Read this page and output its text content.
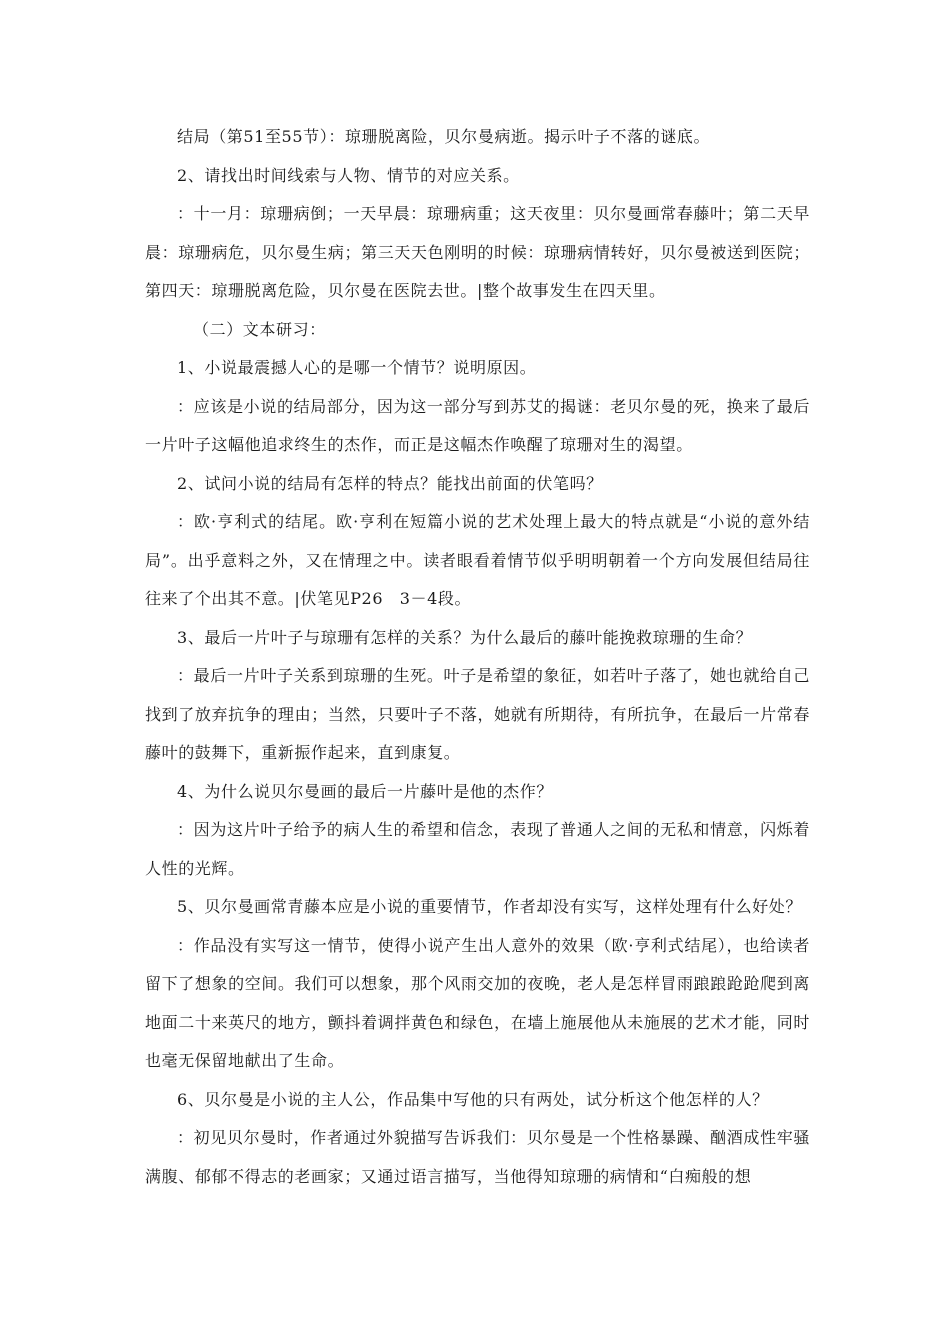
结局（第51至55节）：琼珊脱离险，贝尔曼病逝。揭示叶子不落的谜底。

2、请找出时间线索与人物、情节的对应关系。

：十一月：琼珊病倒；一天早晨：琼珊病重；这天夜里：贝尔曼画常春藤叶；第二天早晨：琼珊病危，贝尔曼生病；第三天天色刚明的时候：琼珊病情转好，贝尔曼被送到医院；第四天：琼珊脱离危险，贝尔曼在医院去世。|整个故事发生在四天里。

（二）文本研习：

1、小说最震撼人心的是哪一个情节？说明原因。

：应该是小说的结局部分，因为这一部分写到苏艾的揭谜：老贝尔曼的死，换来了最后一片叶子这幅他追求终生的杰作，而正是这幅杰作唤醒了琼珊对生的渴望。

2、试问小说的结局有怎样的特点？能找出前面的伏笔吗？

：欧·亨利式的结尾。欧·亨利在短篇小说的艺术处理上最大的特点就是“小说的意外结局”。出乎意料之外，又在情理之中。读者眼看着情节似乎明明朝着一个方向发展但结局往往来了个出其不意。|伏笔见P26　3－4段。

3、最后一片叶子与琼珊有怎样的关系？为什么最后的藤叶能挽救琼珊的生命？

：最后一片叶子关系到琼珊的生死。叶子是希望的象征，如若叶子落了，她也就给自己找到了放弃抗争的理由；当然，只要叶子不落，她就有所期待，有所抗争，在最后一片常春藤叶的鼓舞下，重新振作起来，直到康复。

4、为什么说贝尔曼画的最后一片藤叶是他的杰作？

：因为这片叶子给予的病人生的希望和信念，表现了普通人之间的无私和情意，闪烁着人性的光辉。

5、贝尔曼画常青藤本应是小说的重要情节，作者却没有实写，这样处理有什么好处？

：作品没有实写这一情节，使得小说产生出人意外的效果（欧·亨利式结尾），也给读者留下了想象的空间。我们可以想象，那个风雨交加的夜晚，老人是怎样冒雨踉踉跄跄爬到离地面二十来英尺的地方，颤抖着调拌黄色和绿色，在墙上施展他从未施展的艺术才能，同时也毫无保留地献出了生命。

6、贝尔曼是小说的主人公，作品集中写他的只有两处，试分析这个他怎样的人？

：初见贝尔曼时，作者通过外貌描写告诉我们：贝尔曼是一个性格暴躁、酗酒成性牢骚满腹、郁郁不得志的老画家；又通过语言描写，当他得知琼珊的病情和“白痴般的想
